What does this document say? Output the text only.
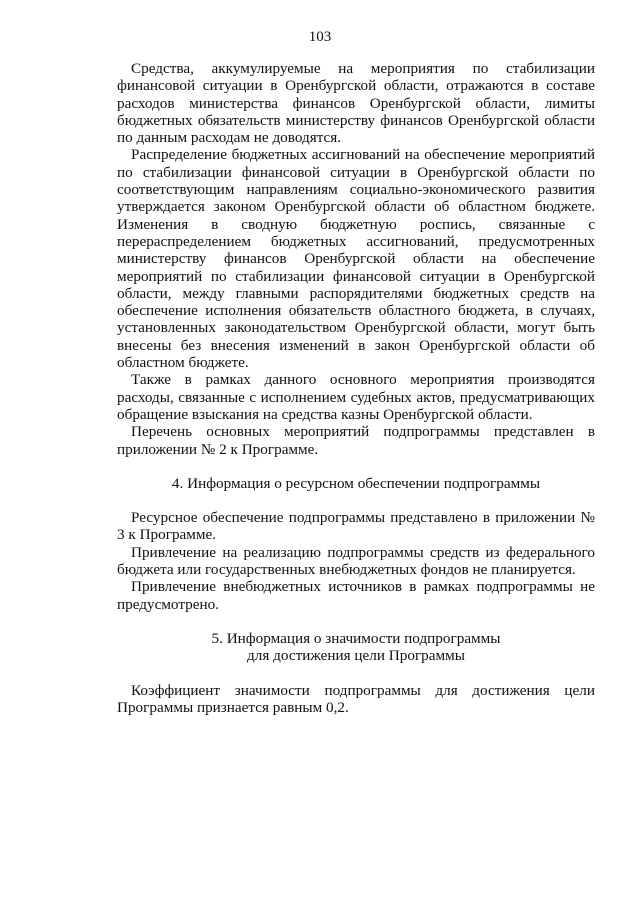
103

Средства, аккумулируемые на мероприятия по стабилизации финансовой ситуации в Оренбургской области, отражаются в составе расходов министерства финансов Оренбургской области, лимиты бюджетных обязательств министерству финансов Оренбургской области по данным расходам не доводятся.

Распределение бюджетных ассигнований на обеспечение мероприятий по стабилизации финансовой ситуации в Оренбургской области по соответствующим направлениям социально-экономического развития утверждается законом Оренбургской области об областном бюджете. Изменения в сводную бюджетную роспись, связанные с перераспределением бюджетных ассигнований, предусмотренных министерству финансов Оренбургской области на обеспечение мероприятий по стабилизации финансовой ситуации в Оренбургской области, между главными распорядителями бюджетных средств на обеспечение исполнения обязательств областного бюджета, в случаях, установленных законодательством Оренбургской области, могут быть внесены без внесения изменений в закон Оренбургской области об областном бюджете.

Также в рамках данного основного мероприятия производятся расходы, связанные с исполнением судебных актов, предусматривающих обращение взыскания на средства казны Оренбургской области.

Перечень основных мероприятий подпрограммы представлен в приложении № 2 к Программе.

4. Информация о ресурсном обеспечении подпрограммы

Ресурсное обеспечение подпрограммы представлено в приложении № 3 к Программе.

Привлечение на реализацию подпрограммы средств из федерального бюджета или государственных внебюджетных фондов не планируется.

Привлечение внебюджетных источников в рамках подпрограммы не предусмотрено.

5. Информация о значимости подпрограммы
для достижения цели Программы

Коэффициент значимости подпрограммы для достижения цели Программы признается равным 0,2.
